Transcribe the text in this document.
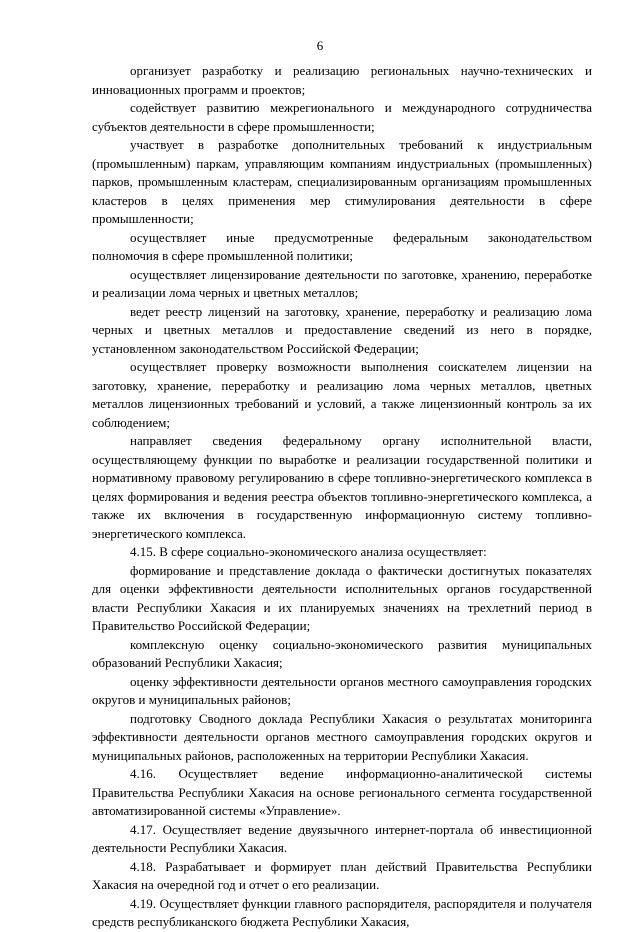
6

организует разработку и реализацию региональных научно-технических и инновационных программ и проектов;

содействует развитию межрегионального и международного сотрудничества субъектов деятельности в сфере промышленности;

участвует в разработке дополнительных требований к индустриальным (промышленным) паркам, управляющим компаниям индустриальных (промышленных) парков, промышленным кластерам, специализированным организациям промышленных кластеров в целях применения мер стимулирования деятельности в сфере промышленности;

осуществляет иные предусмотренные федеральным законодательством полномочия в сфере промышленной политики;

осуществляет лицензирование деятельности по заготовке, хранению, переработке и реализации лома черных и цветных металлов;

ведет реестр лицензий на заготовку, хранение, переработку и реализацию лома черных и цветных металлов и предоставление сведений из него в порядке, установленном законодательством Российской Федерации;

осуществляет проверку возможности выполнения соискателем лицензии на заготовку, хранение, переработку и реализацию лома черных металлов, цветных металлов лицензионных требований и условий, а также лицензионный контроль за их соблюдением;

направляет сведения федеральному органу исполнительной власти, осуществляющему функции по выработке и реализации государственной политики и нормативному правовому регулированию в сфере топливно-энергетического комплекса в целях формирования и ведения реестра объектов топливно-энергетического комплекса, а также их включения в государственную информационную систему топливно-энергетического комплекса.

4.15. В сфере социально-экономического анализа осуществляет:

формирование и представление доклада о фактически достигнутых показателях для оценки эффективности деятельности исполнительных органов государственной власти Республики Хакасия и их планируемых значениях на трехлетний период в Правительство Российской Федерации;

комплексную оценку социально-экономического развития муниципальных образований Республики Хакасия;

оценку эффективности деятельности органов местного самоуправления городских округов и муниципальных районов;

подготовку Сводного доклада Республики Хакасия о результатах мониторинга эффективности деятельности органов местного самоуправления городских округов и муниципальных районов, расположенных на территории Республики Хакасия.

4.16. Осуществляет ведение информационно-аналитической системы Правительства Республики Хакасия на основе регионального сегмента государственной автоматизированной системы «Управление».

4.17. Осуществляет ведение двуязычного интернет-портала об инвестиционной деятельности Республики Хакасия.

4.18. Разрабатывает и формирует план действий Правительства Республики Хакасия на очередной год и отчет о его реализации.

4.19. Осуществляет функции главного распорядителя, распорядителя и получателя средств республиканского бюджета Республики Хакасия,
